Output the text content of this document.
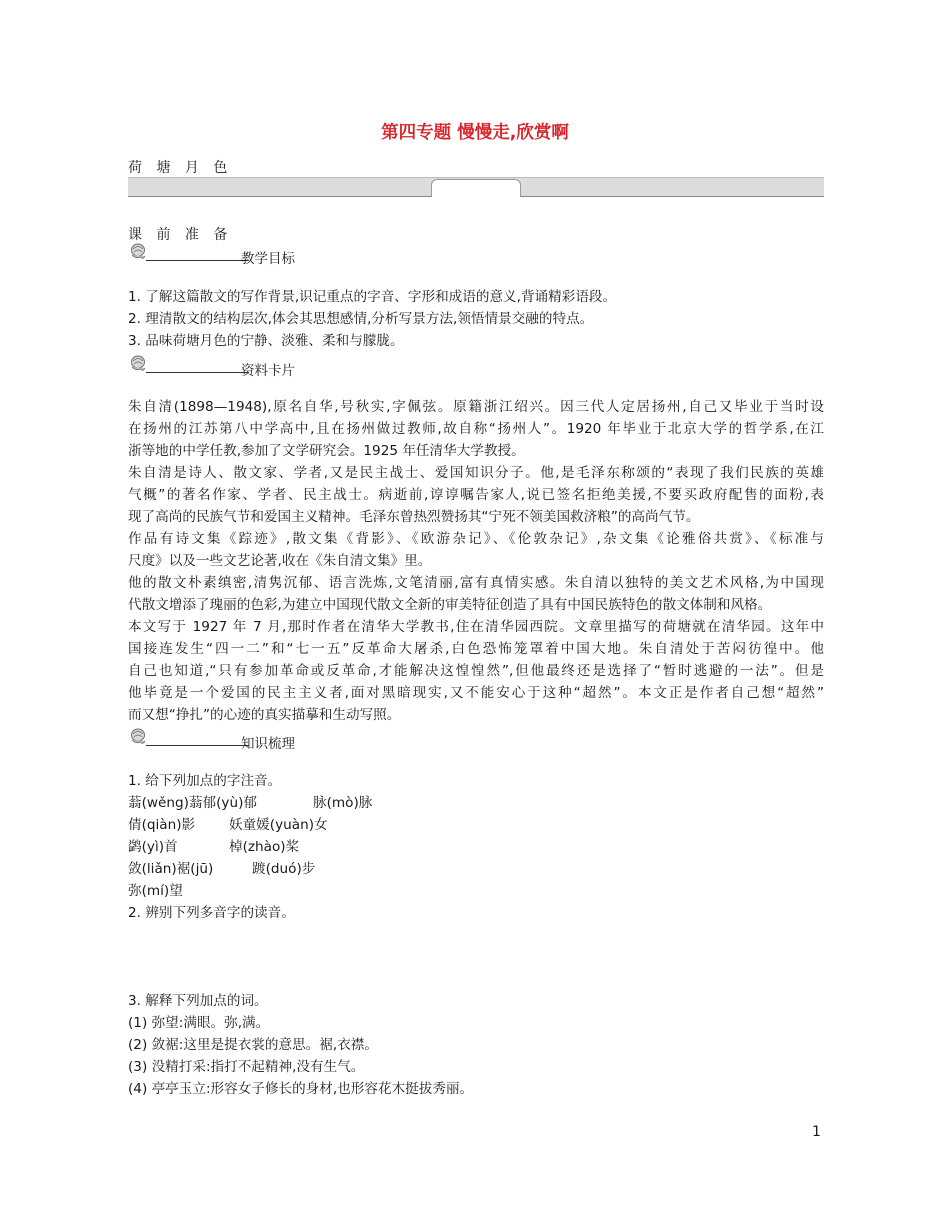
第四专题 慢慢走,欣赏啊
荷 塘 月 色
课 前 准 备
教学目标
1. 了解这篇散文的写作背景,识记重点的字音、字形和成语的意义,背诵精彩语段。
2. 理清散文的结构层次,体会其思想感情,分析写景方法,领悟情景交融的特点。
3. 品味荷塘月色的宁静、淡雅、柔和与朦胧。
资料卡片
朱自清(1898—1948),原名自华,号秋实,字佩弦。原籍浙江绍兴。因三代人定居扬州,自己又毕业于当时设
在扬州的江苏第八中学高中,且在扬州做过教师,故自称“扬州人”。1920 年毕业于北京大学的哲学系,在江
浙等地的中学任教,参加了文学研究会。1925 年任清华大学教授。
朱自清是诗人、散文家、学者,又是民主战士、爱国知识分子。他,是毛泽东称颂的“表现了我们民族的英雄
气概”的著名作家、学者、民主战士。病逝前,谆谆嘱告家人,说已签名拒绝美援,不要买政府配售的面粉,表
现了高尚的民族气节和爱国主义精神。毛泽东曾热烈赞扬其“宁死不领美国救济粮”的高尚气节。
作品有诗文集《踪迹》,散文集《背影》、《欧游杂记》、《伦敦杂记》,杂文集《论雅俗共赏》、《标准与
尺度》以及一些文艺论著,收在《朱自清文集》里。
他的散文朴素缜密,清隽沉郁、语言洗炼,文笔清丽,富有真情实感。朱自清以独特的美文艺术风格,为中国现
代散文增添了瑰丽的色彩,为建立中国现代散文全新的审美特征创造了具有中国民族特色的散文体制和风格。
本文写于 1927 年 7 月,那时作者在清华大学教书,住在清华园西院。文章里描写的荷塘就在清华园。这年中
国接连发生“四一二”和“七一五”反革命大屠杀,白色恐怖笼罩着中国大地。朱自清处于苦闷彷徨中。他
自己也知道,“只有参加革命或反革命,才能解决这惶惶然”,但他最终还是选择了“暂时逃避的一法”。但是
他毕竟是一个爱国的民主主义者,面对黑暗现实,又不能安心于这种“超然”。本文正是作者自己想“超然”
而又想“挣扎”的心迹的真实描摹和生动写照。
知识梳理
1. 给下列加点的字注音。
蓊(wěng)蓊郁(yù)郁	脉(mò)脉
倩(qiàn)影	妖童媛(yuàn)女
鹢(yì)首	棹(zhào)桨
敛(liǎn)裾(jū)	踱(duó)步
弥(mí)望
2. 辨别下列多音字的读音。
3. 解释下列加点的词。
(1) 弥望:满眼。弥,满。
(2) 敛裾:这里是提衣裳的意思。裾,衣襟。
(3) 没精打采:指打不起精神,没有生气。
(4) 亭亭玉立:形容女子修长的身材,也形容花木挺拔秀丽。
1
